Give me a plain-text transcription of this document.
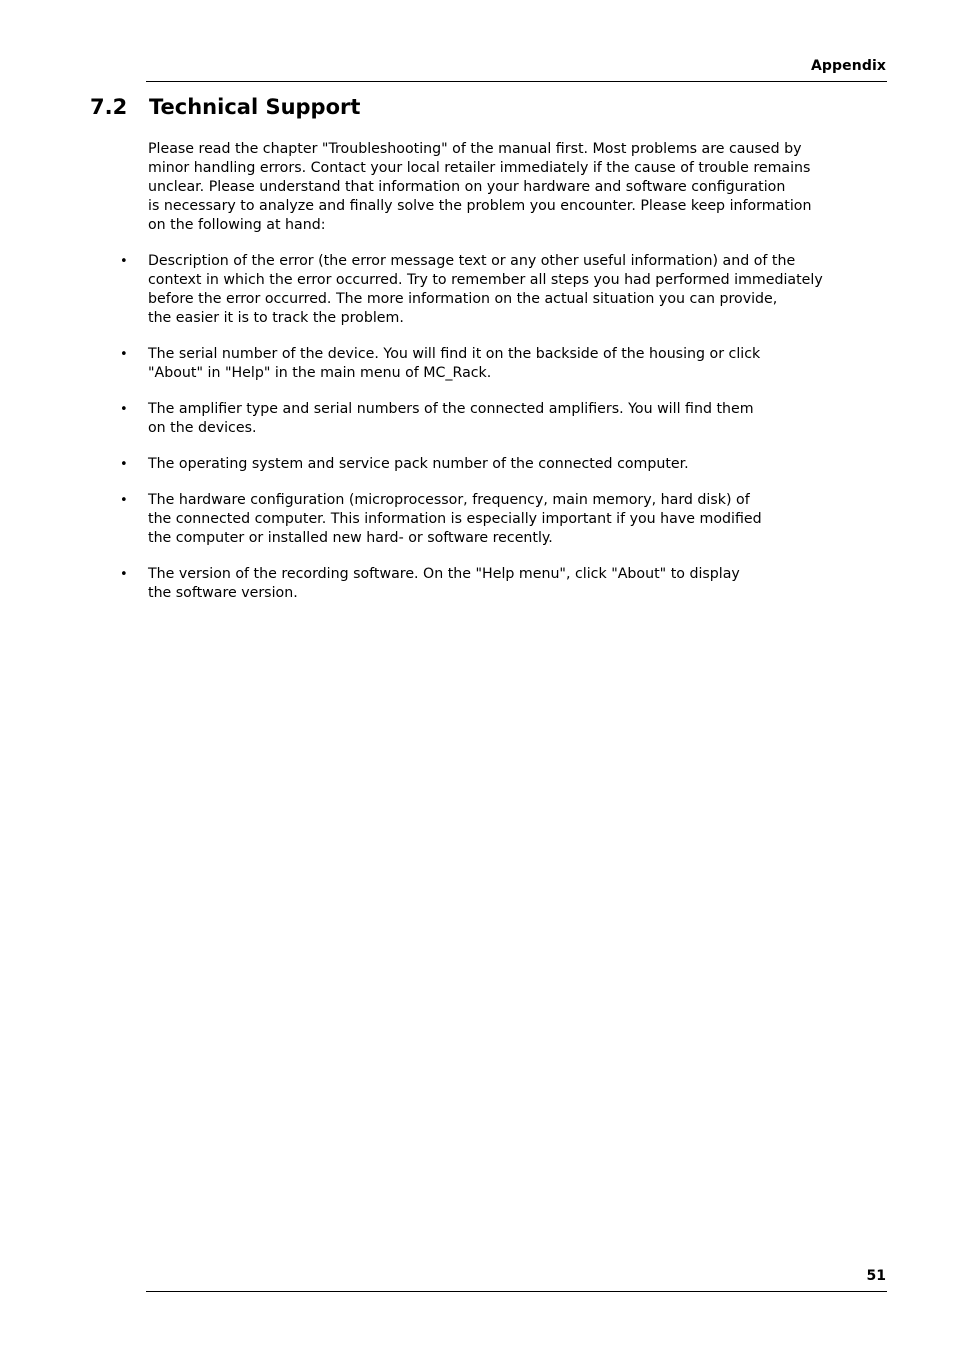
Appendix
7.2 Technical Support

Please read the chapter "Troubleshooting" of the manual first. Most problems are caused by
minor handling errors. Contact your local retailer immediately if the cause of trouble remains
unclear. Please understand that information on your hardware and software configuration
is necessary to analyze and finally solve the problem you encounter. Please keep information
on the following at hand:

• Description of the error (the error message text or any other useful information) and of the
context in which the error occurred. Try to remember all steps you had performed immediately
before the error occurred. The more information on the actual situation you can provide,
the easier it is to track the problem.
• The serial number of the device. You will find it on the backside of the housing or click
"About" in "Help" in the main menu of MC_Rack.
• The amplifier type and serial numbers of the connected amplifiers. You will find them
on the devices.
• The operating system and service pack number of the connected computer.
• The hardware configuration (microprocessor, frequency, main memory, hard disk) of
the connected computer. This information is especially important if you have modified
the computer or installed new hard- or software recently.
• The version of the recording software. On the "Help menu", click "About" to display
the software version.
51
